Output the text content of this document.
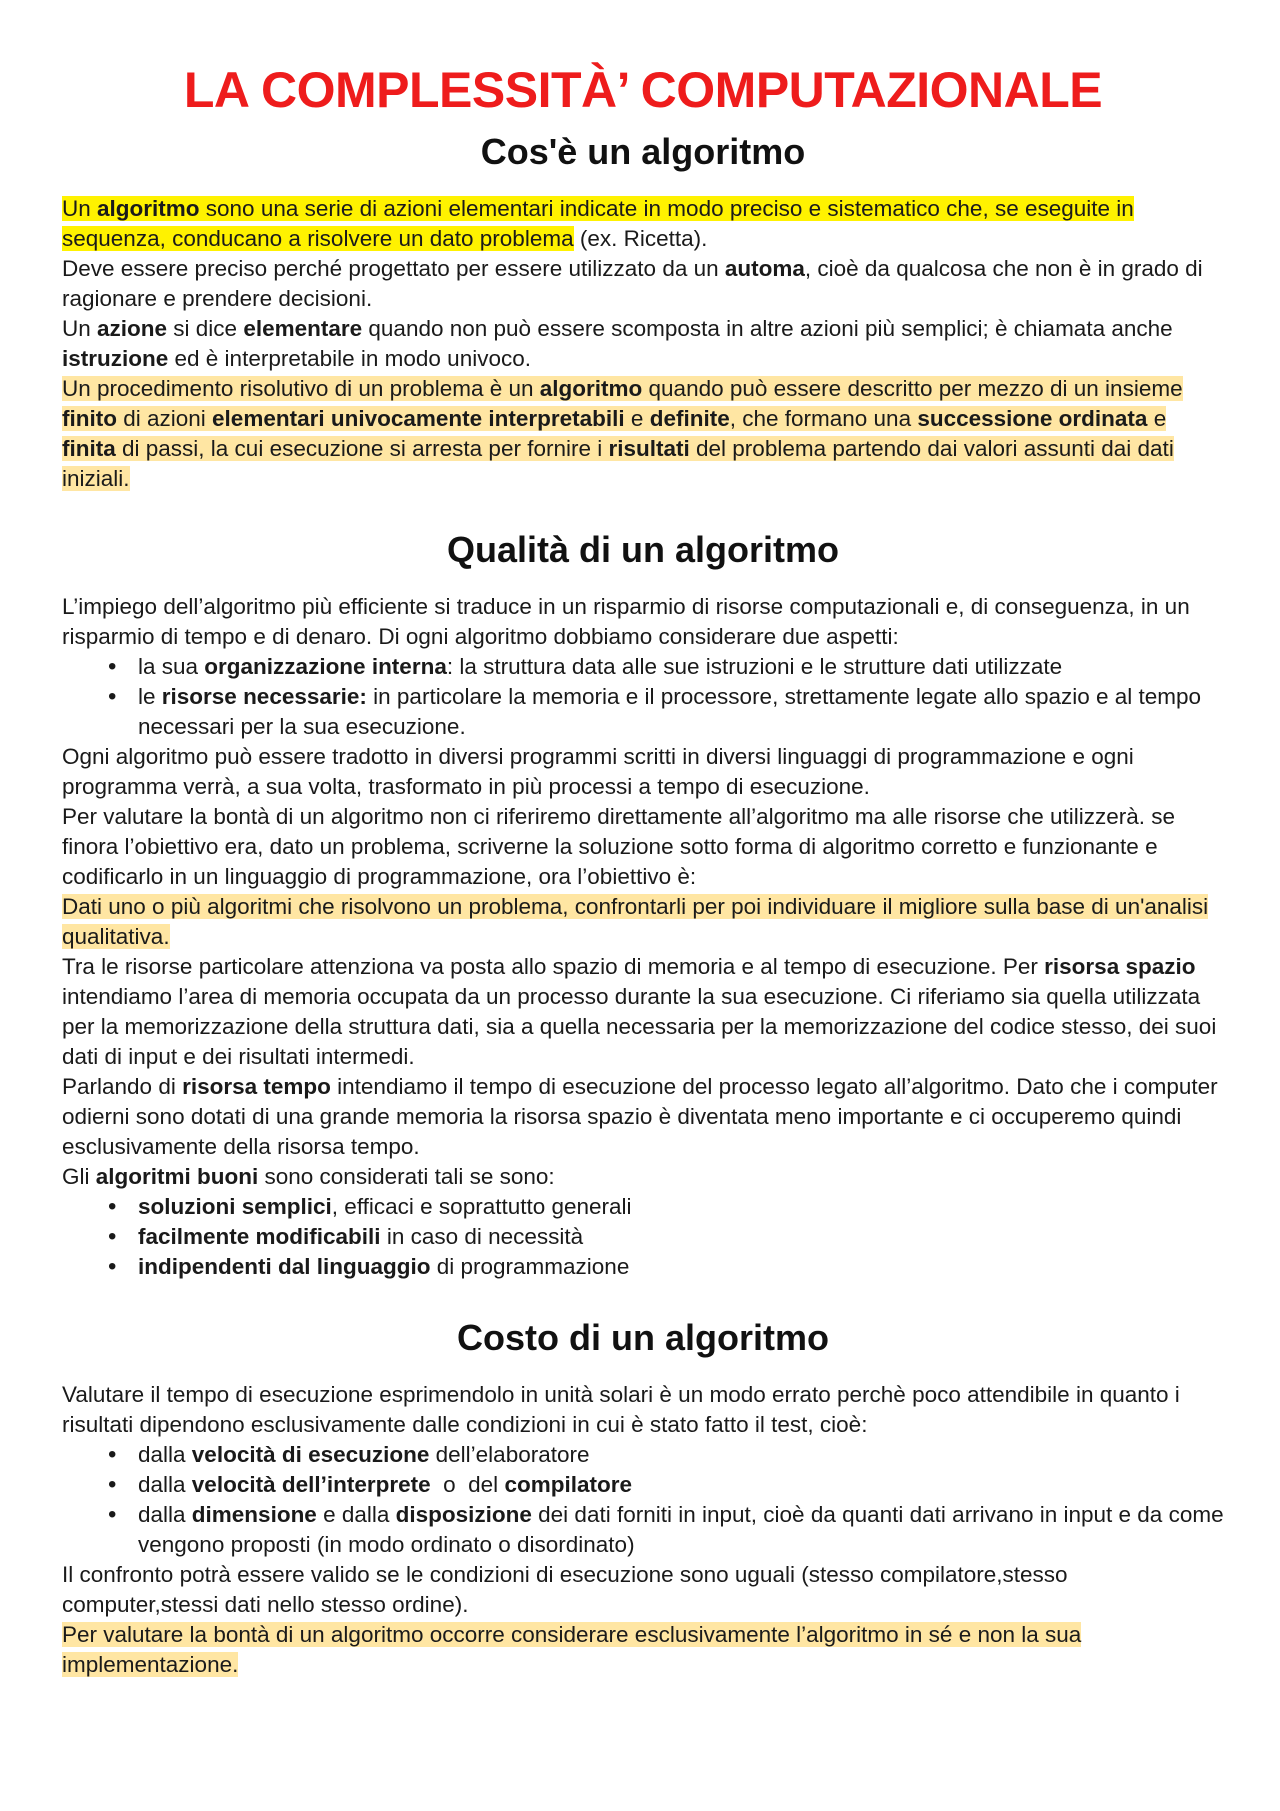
LA COMPLESSITÀ’ COMPUTAZIONALE
Cos'è un algoritmo

Un algoritmo sono una serie di azioni elementari indicate in modo preciso e sistematico che, se eseguite in sequenza, conducano a risolvere un dato problema (ex. Ricetta).

Deve essere preciso perché progettato per essere utilizzato da un automa, cioè da qualcosa che non è in grado di ragionare e prendere decisioni.

Un azione si dice elementare quando non può essere scomposta in altre azioni più semplici; è chiamata anche istruzione ed è interpretabile in modo univoco.

Un procedimento risolutivo di un problema è un algoritmo quando può essere descritto per mezzo di un insieme finito di azioni elementari univocamente interpretabili e definite, che formano una successione ordinata e finita di passi, la cui esecuzione si arresta per fornire i risultati del problema partendo dai valori assunti dai dati iniziali.

Qualità di un algoritmo

L’impiego dell’algoritmo più efficiente si traduce in un risparmio di risorse computazionali e, di conseguenza, in un risparmio di tempo e di denaro. Di ogni algoritmo dobbiamo considerare due aspetti:

• la sua organizzazione interna: la struttura data alle sue istruzioni e le strutture dati utilizzate
• le risorse necessarie: in particolare la memoria e il processore, strettamente legate allo spazio e al tempo necessari per la sua esecuzione.

Ogni algoritmo può essere tradotto in diversi programmi scritti in diversi linguaggi di programmazione e ogni programma verrà, a sua volta, trasformato in più processi a tempo di esecuzione.

Per valutare la bontà di un algoritmo non ci riferiremo direttamente all’algoritmo ma alle risorse che utilizzerà. se finora l’obiettivo era, dato un problema, scriverne la soluzione sotto forma di algoritmo corretto e funzionante e codificarlo in un linguaggio di programmazione, ora l’obiettivo è:

Dati uno o più algoritmi che risolvono un problema, confrontarli per poi individuare il migliore sulla base di un'analisi qualitativa.

Tra le risorse particolare attenziona va posta allo spazio di memoria e al tempo di esecuzione. Per risorsa spazio intendiamo l’area di memoria occupata da un processo durante la sua esecuzione. Ci riferiamo sia quella utilizzata per la memorizzazione della struttura dati, sia a quella necessaria per la memorizzazione del codice stesso, dei suoi dati di input e dei risultati intermedi.

Parlando di risorsa tempo intendiamo il tempo di esecuzione del processo legato all’algoritmo. Dato che i computer odierni sono dotati di una grande memoria la risorsa spazio è diventata meno importante e ci occuperemo quindi esclusivamente della risorsa tempo.

Gli algoritmi buoni sono considerati tali se sono:

• soluzioni semplici, efficaci e soprattutto generali
• facilmente modificabili in caso di necessità
• indipendenti dal linguaggio di programmazione
Costo di un algoritmo

Valutare il tempo di esecuzione esprimendolo in unità solari è un modo errato perchè poco attendibile in quanto i risultati dipendono esclusivamente dalle condizioni in cui è stato fatto il test, cioè:

• dalla velocità di esecuzione dell’elaboratore
• dalla velocità dell’interprete  o  del compilatore
• dalla dimensione e dalla disposizione dei dati forniti in input, cioè da quanti dati arrivano in input e da come vengono proposti (in modo ordinato o disordinato)

Il confronto potrà essere valido se le condizioni di esecuzione sono uguali (stesso compilatore,stesso computer,stessi dati nello stesso ordine).

Per valutare la bontà di un algoritmo occorre considerare esclusivamente l’algoritmo in sé e non la sua implementazione.
